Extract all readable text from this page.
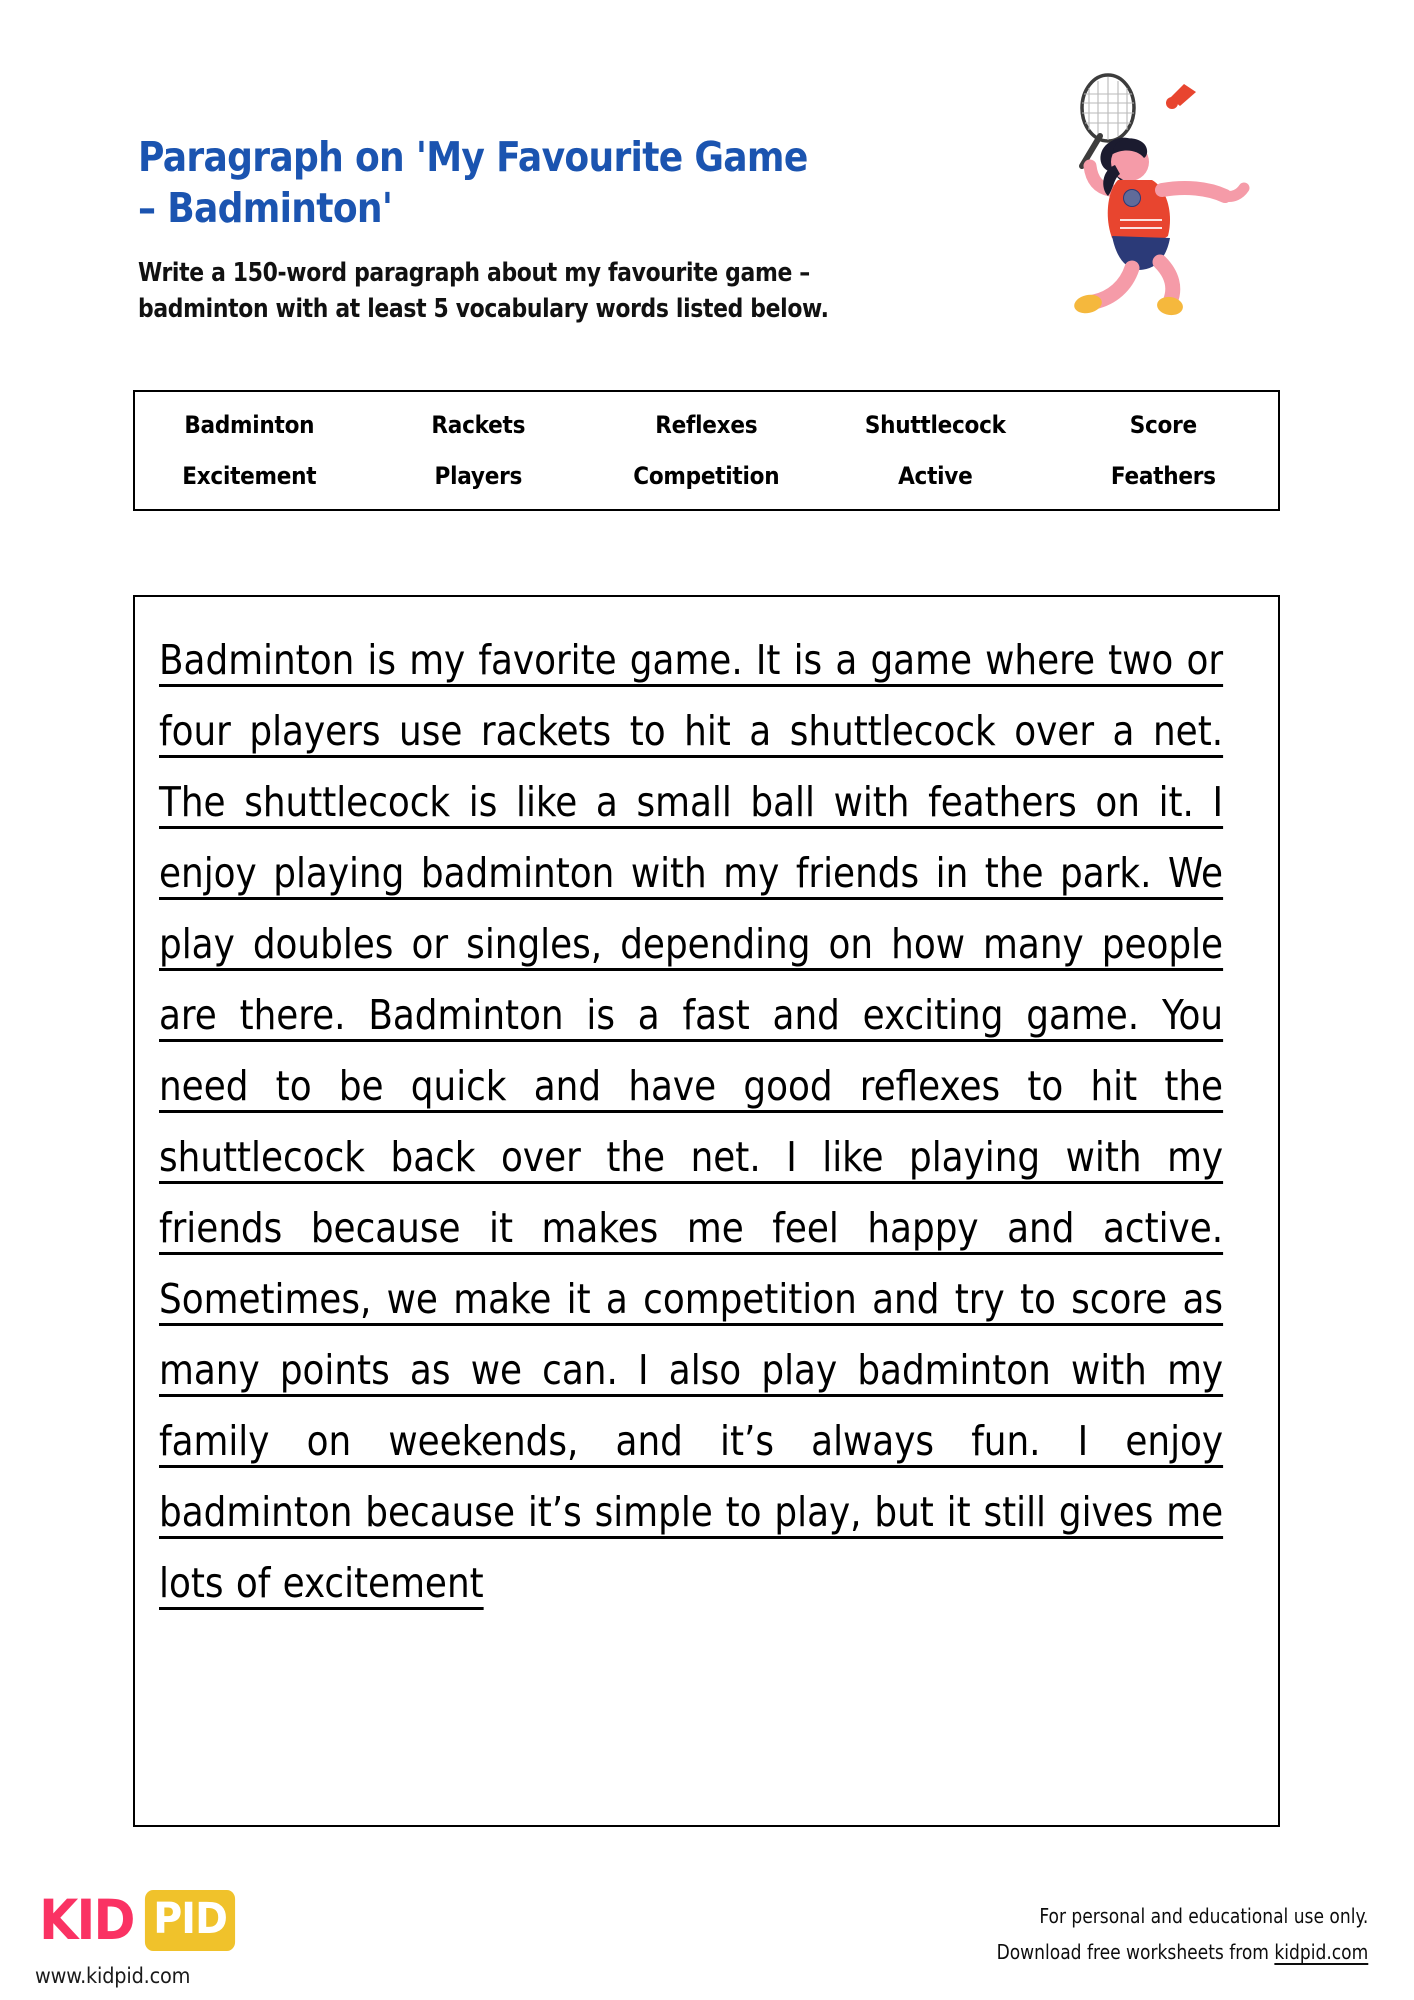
Paragraph on 'My Favourite Game – Badminton'

Write a 150-word paragraph about my favourite game – badminton with at least 5 vocabulary words listed below.

Badminton	Rackets	Reflexes	Shuttlecock	Score
Excitement	Players	Competition	Active	Feathers
Badminton is my favorite game. It is a game where two or four players use rackets to hit a shuttlecock over a net. The shuttlecock is like a small ball with feathers on it. I enjoy playing badminton with my friends in the park. We play doubles or singles, depending on how many people are there. Badminton is a fast and exciting game. You need to be quick and have good reflexes to hit the shuttlecock back over the net. I like playing with my friends because it makes me feel happy and active. Sometimes, we make it a competition and try to score as many points as we can. I also play badminton with my family on weekends, and it’s always fun. I enjoy badminton because it’s simple to play, but it still gives me lots of excitement
KID PID
www.kidpid.com
For personal and educational use only.
Download free worksheets from kidpid.com
